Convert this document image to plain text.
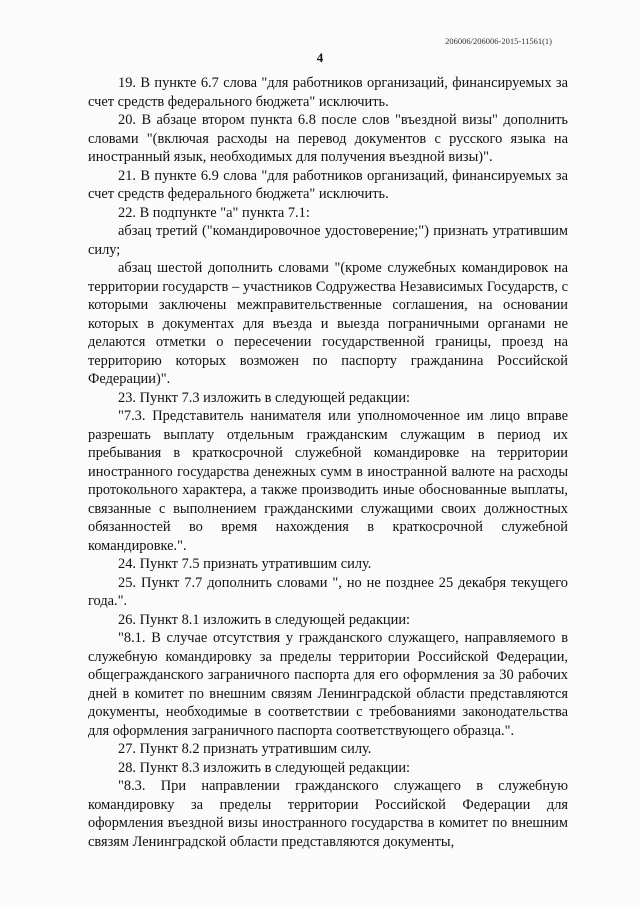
206006/206006-2015-11561(1)
4

19. В пункте 6.7 слова "для работников организаций, финансируемых за счет средств федерального бюджета" исключить.

20. В абзаце втором пункта 6.8 после слов "въездной визы" дополнить словами "(включая расходы на перевод документов с русского языка на иностранный язык, необходимых для получения въездной визы)".

21. В пункте 6.9 слова "для работников организаций, финансируемых за счет средств федерального бюджета" исключить.

22. В подпункте "а" пункта 7.1:

абзац третий ("командировочное удостоверение;") признать утратившим силу;

абзац шестой дополнить словами "(кроме служебных командировок на территории государств – участников Содружества Независимых Государств, с которыми заключены межправительственные соглашения, на основании которых в документах для въезда и выезда пограничными органами не делаются отметки о пересечении государственной границы, проезд на территорию которых возможен по паспорту гражданина Российской Федерации)".

23. Пункт 7.3 изложить в следующей редакции:

"7.3. Представитель нанимателя или уполномоченное им лицо вправе разрешать выплату отдельным гражданским служащим в период их пребывания в краткосрочной служебной командировке на территории иностранного государства денежных сумм в иностранной валюте на расходы протокольного характера, а также производить иные обоснованные выплаты, связанные с выполнением гражданскими служащими своих должностных обязанностей во время нахождения в краткосрочной служебной командировке.".

24. Пункт 7.5 признать утратившим силу.

25. Пункт 7.7 дополнить словами ", но не позднее 25 декабря текущего года.".

26. Пункт 8.1 изложить в следующей редакции:

"8.1. В случае отсутствия у гражданского служащего, направляемого в служебную командировку за пределы территории Российской Федерации, общегражданского заграничного паспорта для его оформления за 30 рабочих дней в комитет по внешним связям Ленинградской области представляются документы, необходимые в соответствии с требованиями законодательства для оформления заграничного паспорта соответствующего образца.".

27. Пункт 8.2 признать утратившим силу.

28. Пункт 8.3 изложить в следующей редакции:

"8.3. При направлении гражданского служащего в служебную командировку за пределы территории Российской Федерации для оформления въездной визы иностранного государства в комитет по внешним связям Ленинградской области представляются документы,
